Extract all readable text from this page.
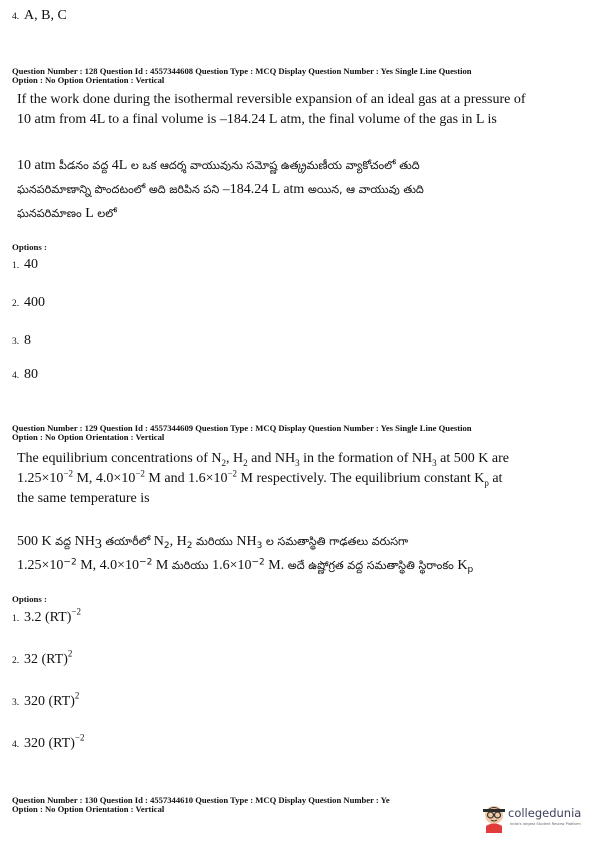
4. A, B, C
Question Number : 128 Question Id : 4557344608 Question Type : MCQ Display Question Number : Yes Single Line Question
Option : No Option Orientation : Vertical
If the work done during the isothermal reversible expansion of an ideal gas at a pressure of
10 atm from 4L to a final volume is –184.24 L atm, the final volume of the gas in L is
10 atm పీడనం వద్ద 4L ల ఒక ఆదర్శ వాయువును సమోష్ణ ఉత్క్రమణీయ వ్యాకోచంలో తుది
ఘనపరిమాణాన్ని పొందటంలో అది జరిపిన పని –184.24 L atm అయిన, ఆ వాయువు తుది
ఘనపరిమాణం L లలో
Options :
1. 40
2. 400
3. 8
4. 80
Question Number : 129 Question Id : 4557344609 Question Type : MCQ Display Question Number : Yes Single Line Question
Option : No Option Orientation : Vertical
The equilibrium concentrations of $N_2$, $H_2$ and $NH_3$ in the formation of $NH_3$ at 500 K are
$1.25\times 10^{-2}$ M, $4.0\times 10^{-2}$ M and $1.6\times 10^{-2}$ M respectively. The equilibrium constant $K_p$ at
the same temperature is
500 K వద్ద $NH_3$ తయారీలో $N_2$, $H_2$ మరియు $NH_3$ ల సమతాస్థితి గాఢతలు వరుసగా
$1.25\times 10^{-2}$ M, $4.0\times 10^{-2}$ M మరియు $1.6\times 10^{-2}$ M. అదే ఉష్ణోగ్రత వద్ద సమతాస్థితి స్థిరాంకం $K_p$
Options :
1. 3.2 (RT)$^{-2}$
2. 32 (RT)$^2$
3. 320 (RT)$^2$
4. 320 (RT)$^{-2}$
Question Number : 130 Question Id : 4557344610 Question Type : MCQ Display Question Number : Ye
Option : No Option Orientation : Vertical	collegedunia
India's largest Student Review Platform
